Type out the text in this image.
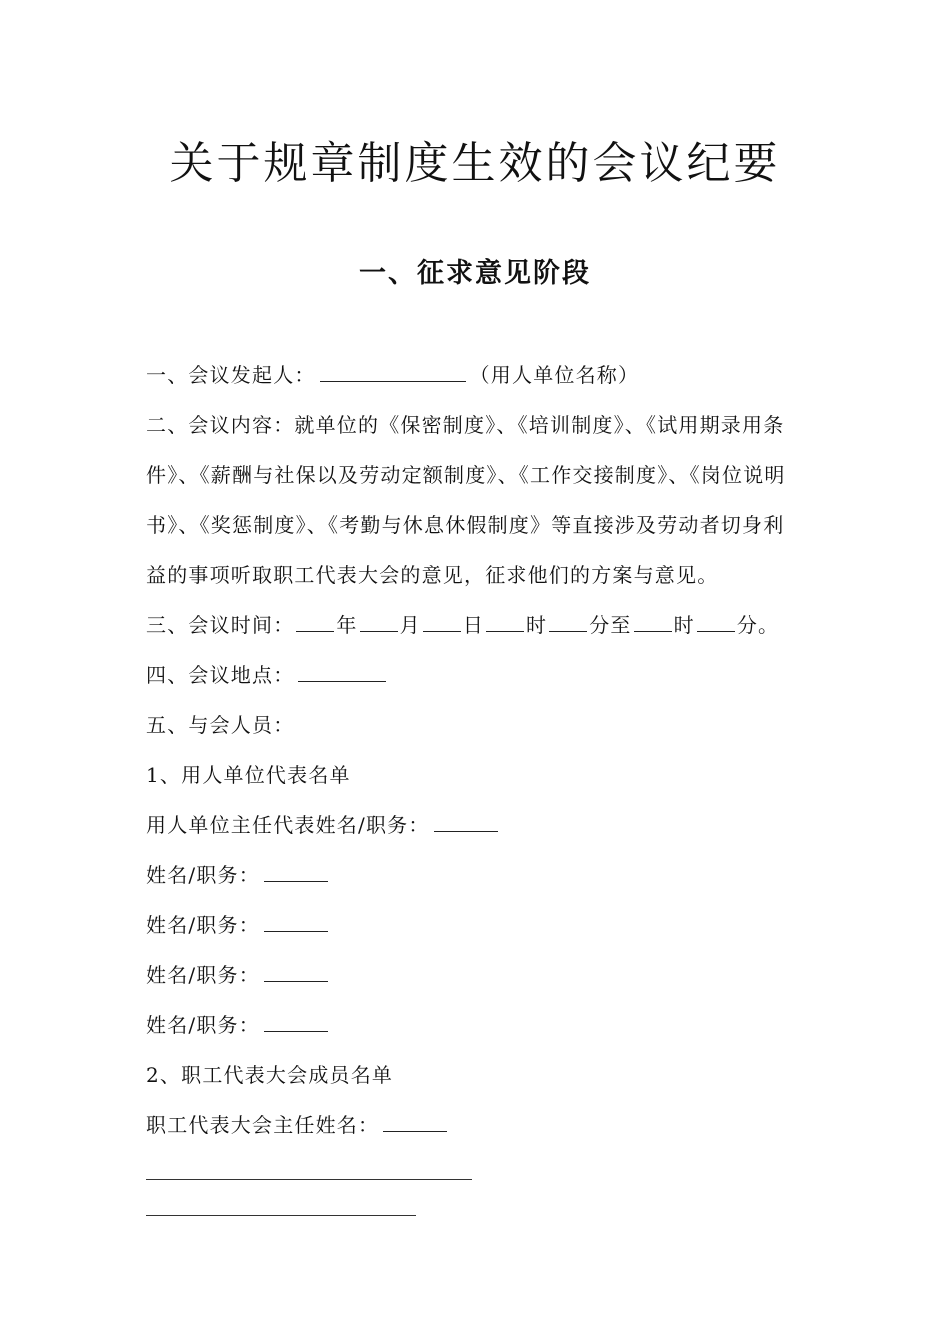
关于规章制度生效的会议纪要
一、征求意见阶段
一、会议发起人：	（用人单位名称）
二、会议内容：就单位的《保密制度》、《培训制度》、《试用期录用条
件》、《薪酬与社保以及劳动定额制度》、《工作交接制度》、《岗位说明
书》、《奖惩制度》、《考勤与休息休假制度》等直接涉及劳动者切身利
益的事项听取职工代表大会的意见，征求他们的方案与意见。
三、会议时间： 年 月 日 时 分至 时 分。
四、会议地点：
五、与会人员：
1、用人单位代表名单
用人单位主任代表姓名/职务：
姓名/职务：
姓名/职务：
姓名/职务：
姓名/职务：
2、职工代表大会成员名单
职工代表大会主任姓名：
